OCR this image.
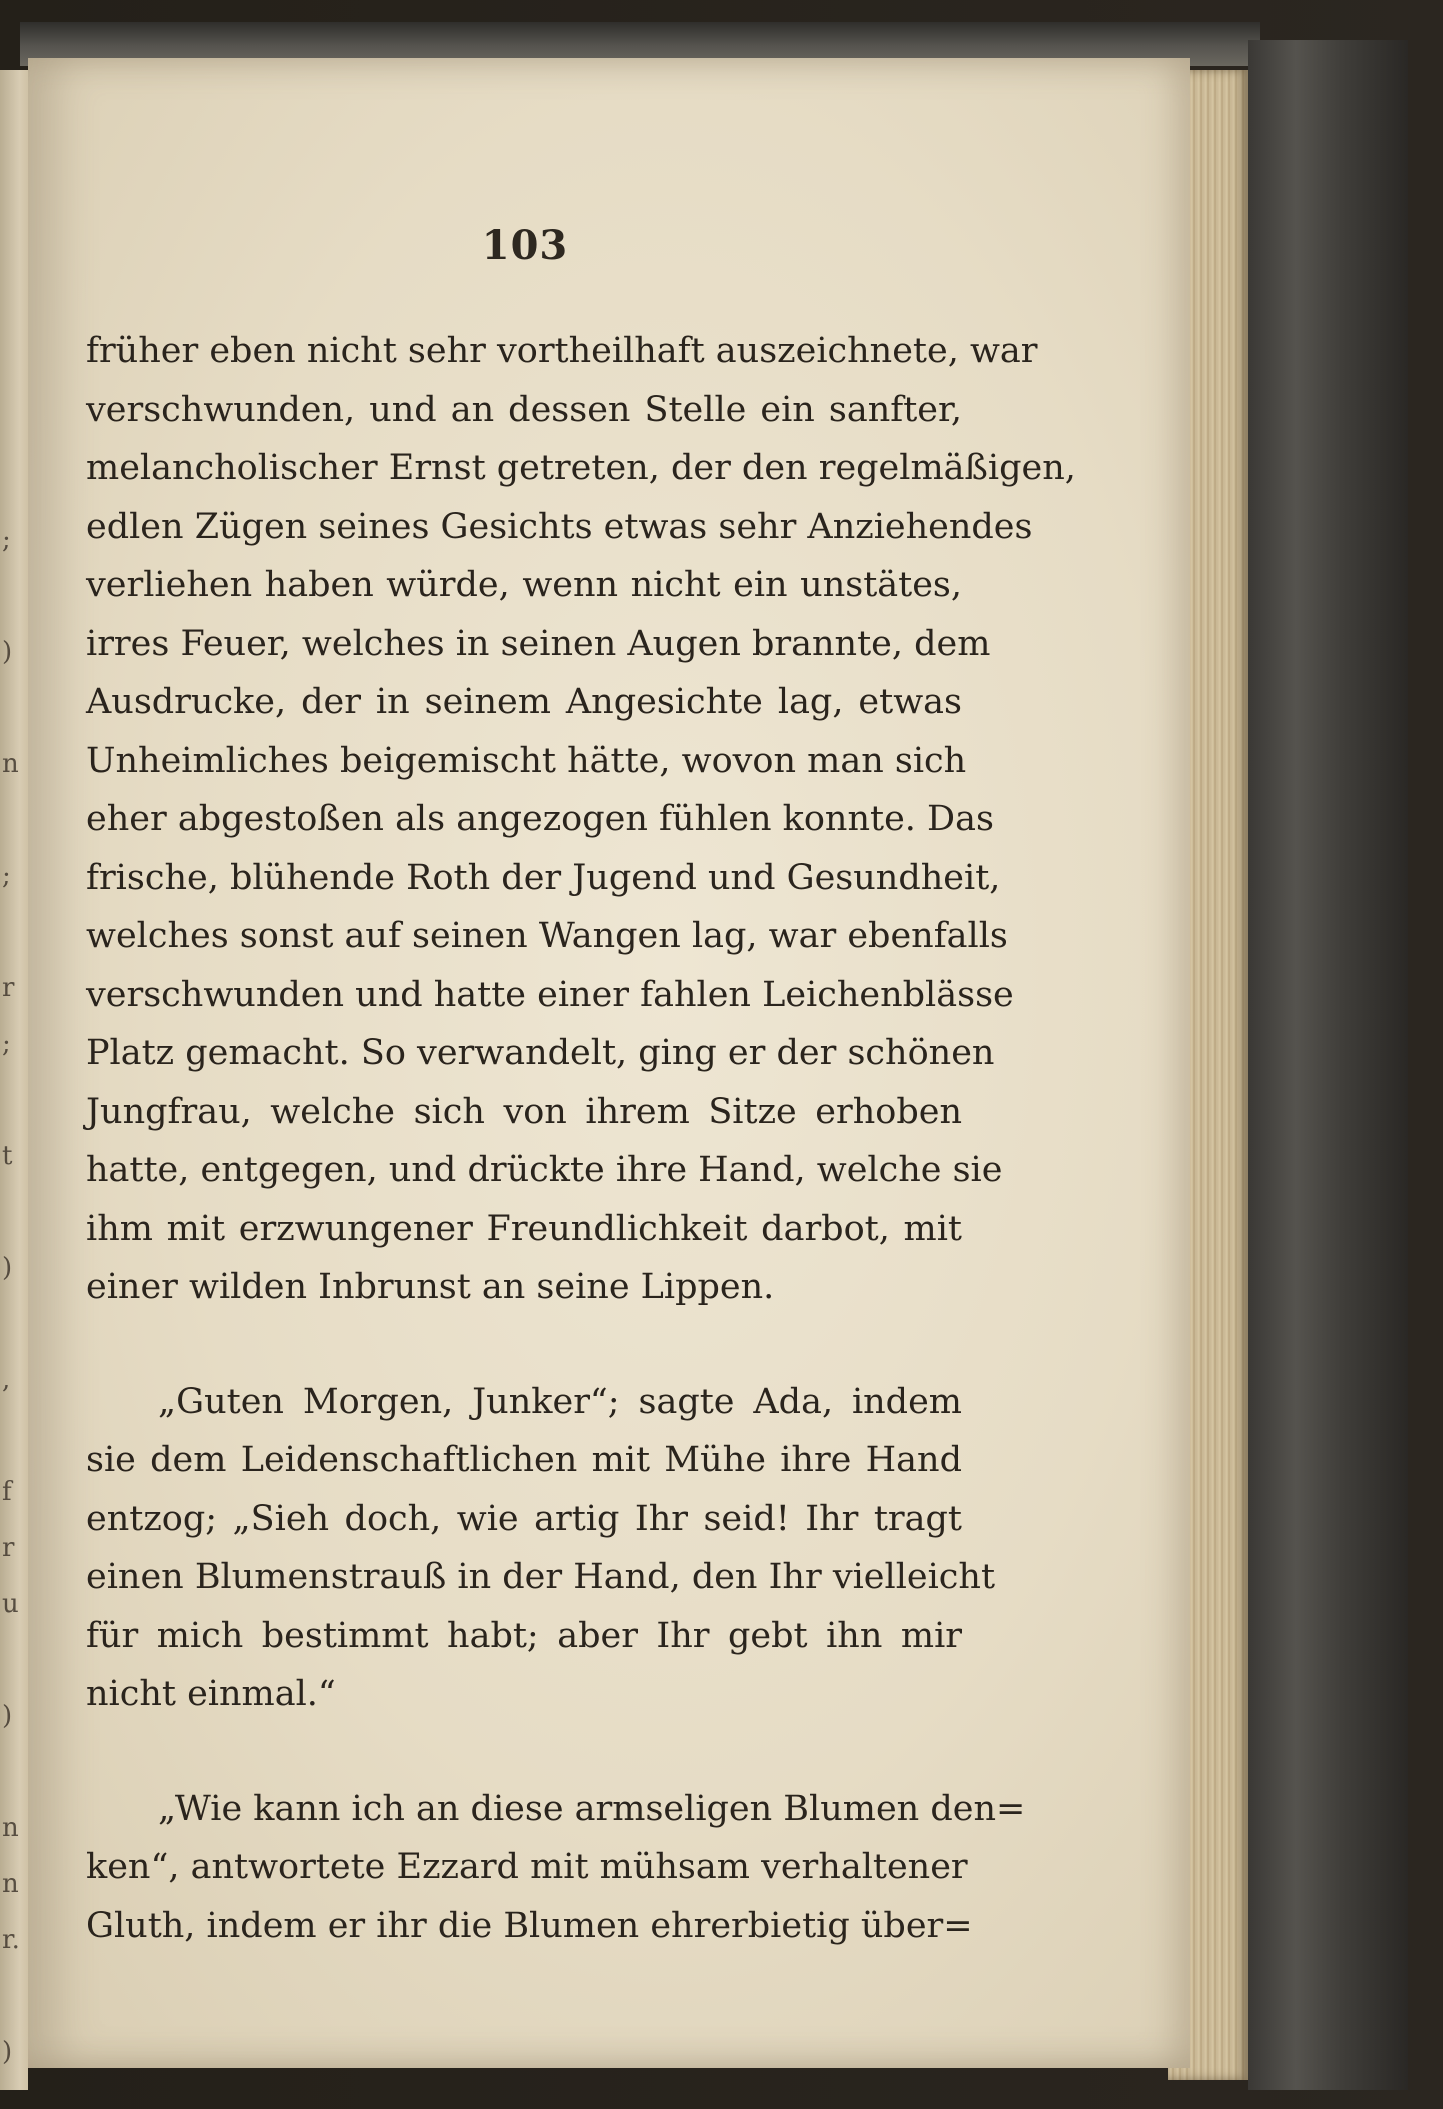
;

)

n

;

r
;

t

)

,

f
r
u

)

n
n
r.

)
103
früher eben nicht sehr vortheilhaft auszeichnete, war
verschwunden, und an dessen Stelle ein sanfter,
melancholischer Ernst getreten, der den regelmäßigen,
edlen Zügen seines Gesichts etwas sehr Anziehendes
verliehen haben würde, wenn nicht ein unstätes,
irres Feuer, welches in seinen Augen brannte, dem
Ausdrucke, der in seinem Angesichte lag, etwas
Unheimliches beigemischt hätte, wovon man sich
eher abgestoßen als angezogen fühlen konnte. Das
frische, blühende Roth der Jugend und Gesundheit,
welches sonst auf seinen Wangen lag, war ebenfalls
verschwunden und hatte einer fahlen Leichenblässe
Platz gemacht. So verwandelt, ging er der schönen
Jungfrau, welche sich von ihrem Sitze erhoben
hatte, entgegen, und drückte ihre Hand, welche sie
ihm mit erzwungener Freundlichkeit darbot, mit
einer wilden Inbrunst an seine Lippen.
„Guten Morgen, Junker“; sagte Ada, indem
sie dem Leidenschaftlichen mit Mühe ihre Hand
entzog; „Sieh doch, wie artig Ihr seid! Ihr tragt
einen Blumenstrauß in der Hand, den Ihr vielleicht
für mich bestimmt habt; aber Ihr gebt ihn mir
nicht einmal.“
„Wie kann ich an diese armseligen Blumen den=
ken“, antwortete Ezzard mit mühsam verhaltener
Gluth, indem er ihr die Blumen ehrerbietig über=
